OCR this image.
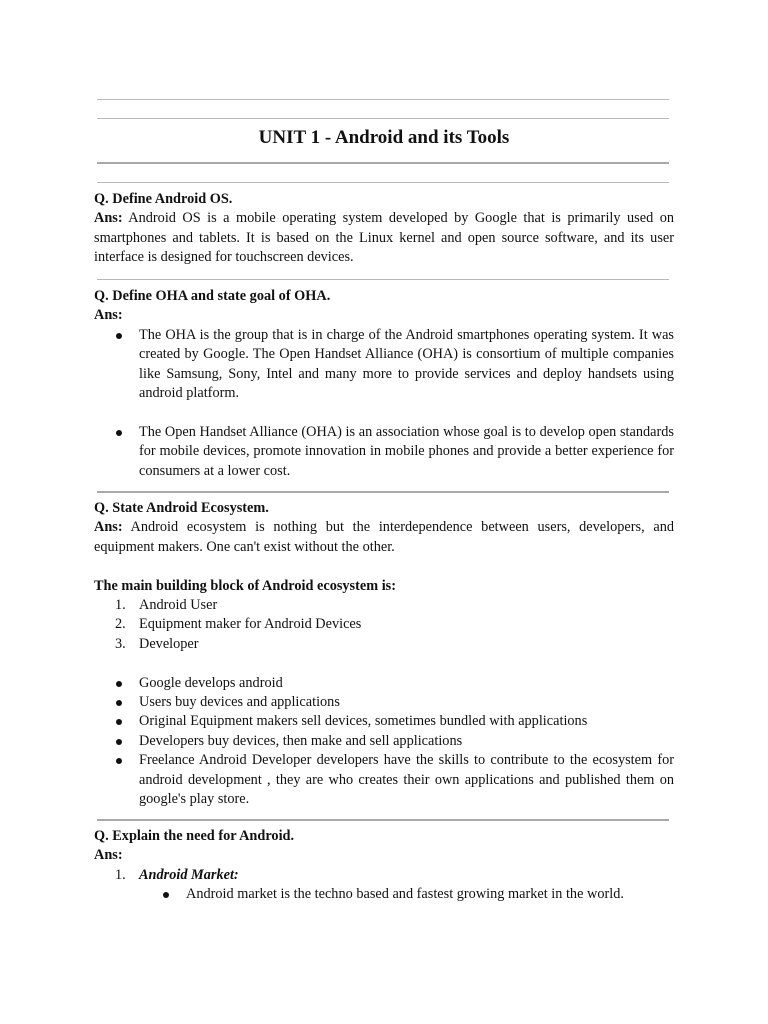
UNIT 1 - Android and its Tools

Q. Define Android OS.

Ans: Android OS is a mobile operating system developed by Google that is primarily used on smartphones and tablets. It is based on the Linux kernel and open source software, and its user interface is designed for touchscreen devices.

Q. Define OHA and state goal of OHA.

Ans:

The OHA is the group that is in charge of the Android smartphones operating system. It was created by Google. The Open Handset Alliance (OHA) is consortium of multiple companies like Samsung, Sony, Intel and many more to provide services and deploy handsets using android platform.
The Open Handset Alliance (OHA) is an association whose goal is to develop open standards for mobile devices, promote innovation in mobile phones and provide a better experience for consumers at a lower cost.

Q. State Android Ecosystem.

Ans: Android ecosystem is nothing but the interdependence between users, developers, and equipment makers. One can't exist without the other.

The main building block of Android ecosystem is:

1. Android User
2. Equipment maker for Android Devices
3. Developer
Google develops android
Users buy devices and applications
Original Equipment makers sell devices, sometimes bundled with applications
Developers buy devices, then make and sell applications
Freelance Android Developer developers have the skills to contribute to the ecosystem for android development , they are who creates their own applications and published them on google's play store.

Q. Explain the need for Android.

Ans:

1. Android Market:
Android market is the techno based and fastest growing market in the world.
